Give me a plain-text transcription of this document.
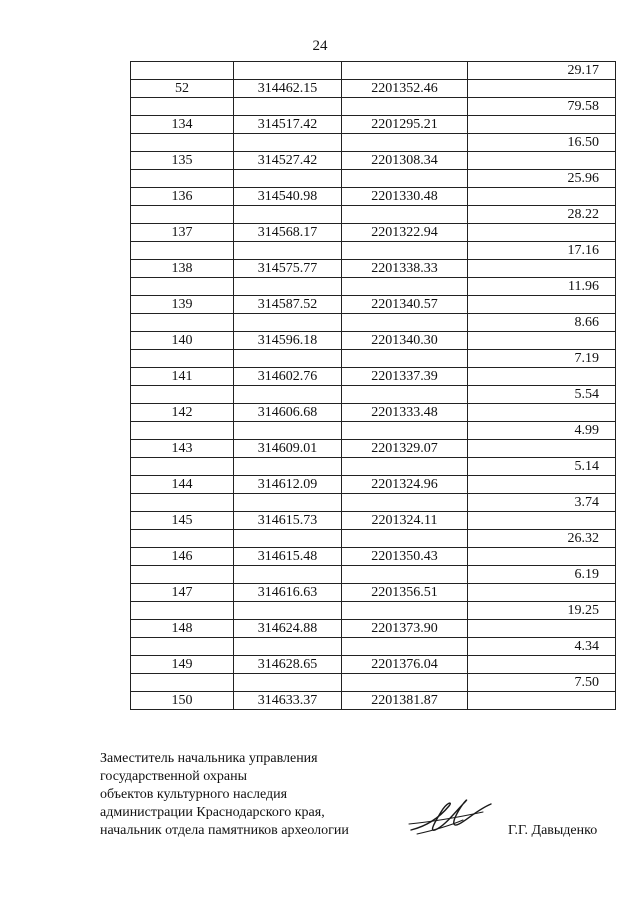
24
			29.17
52	314462.15	2201352.46	
			79.58
134	314517.42	2201295.21	
			16.50
135	314527.42	2201308.34	
			25.96
136	314540.98	2201330.48	
			28.22
137	314568.17	2201322.94	
			17.16
138	314575.77	2201338.33	
			11.96
139	314587.52	2201340.57	
			8.66
140	314596.18	2201340.30	
			7.19
141	314602.76	2201337.39	
			5.54
142	314606.68	2201333.48	
			4.99
143	314609.01	2201329.07	
			5.14
144	314612.09	2201324.96	
			3.74
145	314615.73	2201324.11	
			26.32
146	314615.48	2201350.43	
			6.19
147	314616.63	2201356.51	
			19.25
148	314624.88	2201373.90	
			4.34
149	314628.65	2201376.04	
			7.50
150	314633.37	2201381.87	
Заместитель начальника управления
государственной охраны
объектов культурного наследия
администрации Краснодарского края,
начальник отдела памятников археологии	Г.Г. Давыденко
